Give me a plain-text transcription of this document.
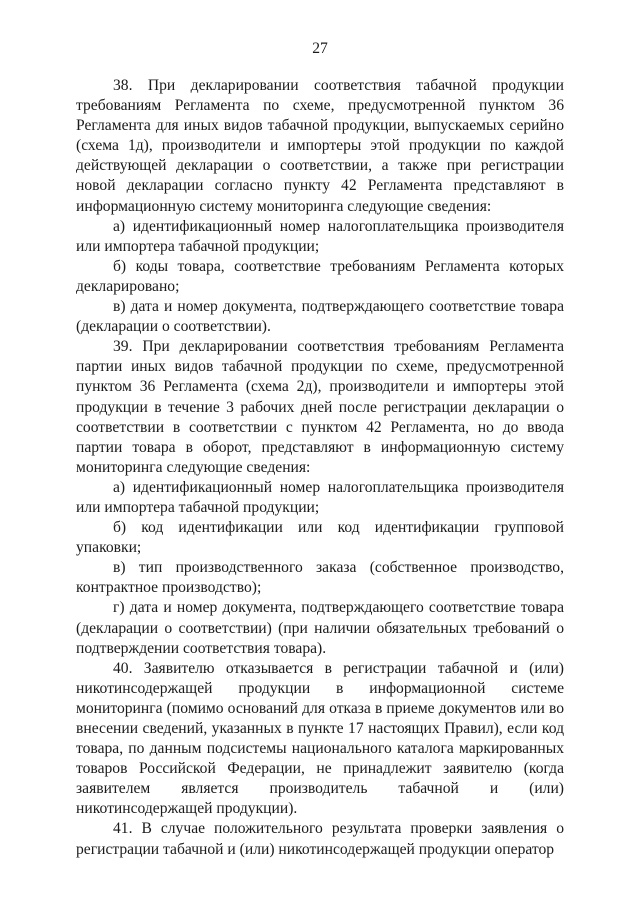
27

38. При декларировании соответствия табачной продукции требованиям Регламента по схеме, предусмотренной пунктом 36 Регламента для иных видов табачной продукции, выпускаемых серийно (схема 1д), производители и импортеры этой продукции по каждой действующей декларации о соответствии, а также при регистрации новой декларации согласно пункту 42 Регламента представляют в информационную систему мониторинга следующие сведения:

а) идентификационный номер налогоплательщика производителя или импортера табачной продукции;

б) коды товара, соответствие требованиям Регламента которых декларировано;

в) дата и номер документа, подтверждающего соответствие товара (декларации о соответствии).

39. При декларировании соответствия требованиям Регламента партии иных видов табачной продукции по схеме, предусмотренной пунктом 36 Регламента (схема 2д), производители и импортеры этой продукции в течение 3 рабочих дней после регистрации декларации о соответствии в соответствии с пунктом 42 Регламента, но до ввода партии товара в оборот, представляют в информационную систему мониторинга следующие сведения:

а) идентификационный номер налогоплательщика производителя или импортера табачной продукции;

б) код идентификации или код идентификации групповой упаковки;

в) тип производственного заказа (собственное производство, контрактное производство);

г) дата и номер документа, подтверждающего соответствие товара (декларации о соответствии) (при наличии обязательных требований о подтверждении соответствия товара).

40. Заявителю отказывается в регистрации табачной и (или) никотинсодержащей продукции в информационной системе мониторинга (помимо оснований для отказа в приеме документов или во внесении сведений, указанных в пункте 17 настоящих Правил), если код товара, по данным подсистемы национального каталога маркированных товаров Российской Федерации, не принадлежит заявителю (когда заявителем является производитель табачной и (или) никотинсодержащей продукции).

41. В случае положительного результата проверки заявления о регистрации табачной и (или) никотинсодержащей продукции оператор
